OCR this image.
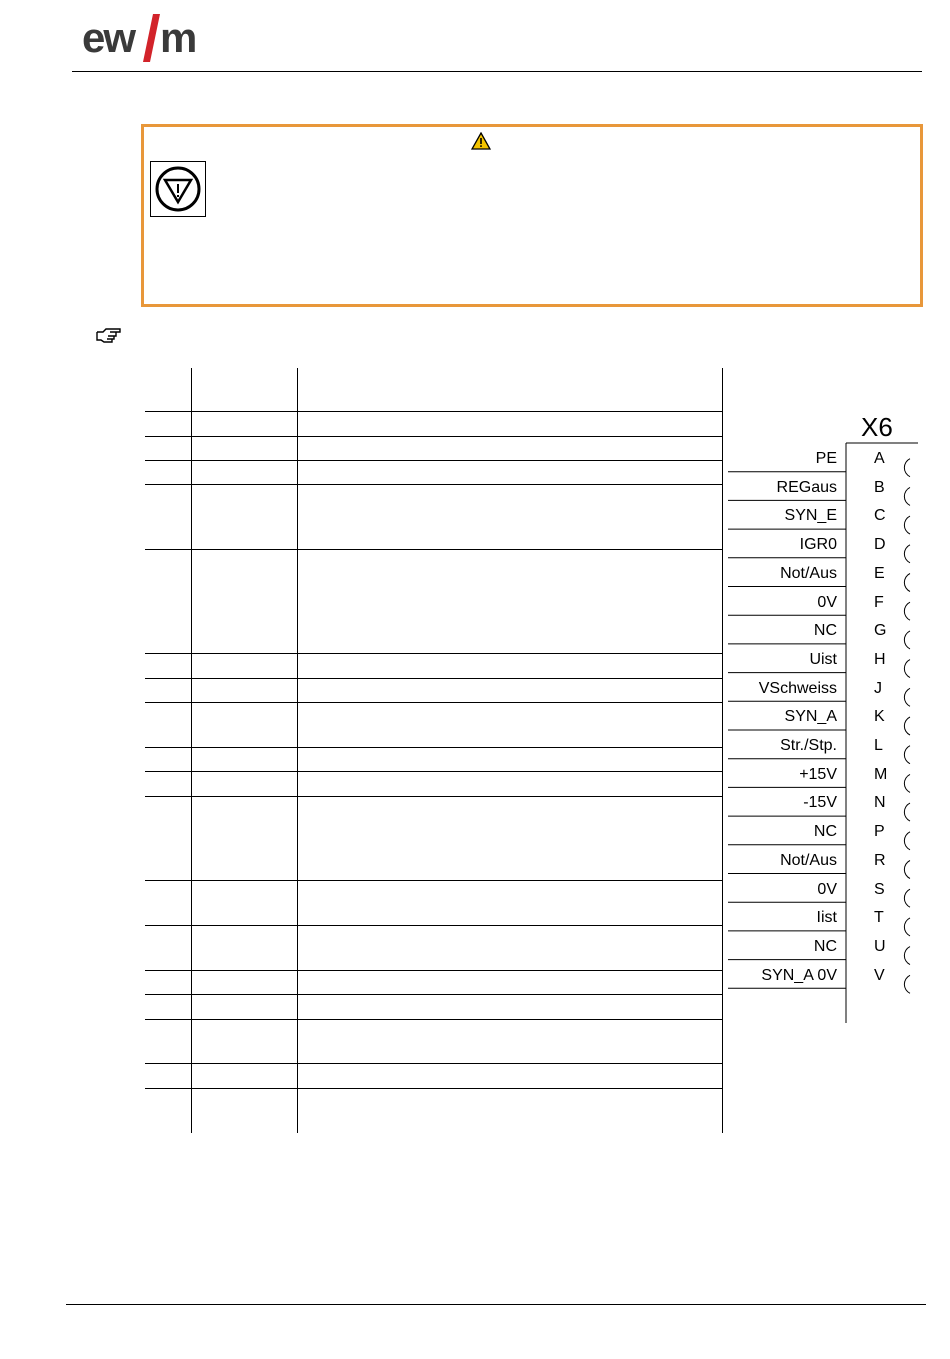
ew m
X6
PE A
REGaus B
SYN_E C
IGR0 D
Not/Aus E
0V F
NC G
Uist H
VSchweiss J
SYN_A K
Str./Stp. L
+15V M
-15V N
NC P
Not/Aus R
0V S
Iist T
NC U
SYN_A 0V V
